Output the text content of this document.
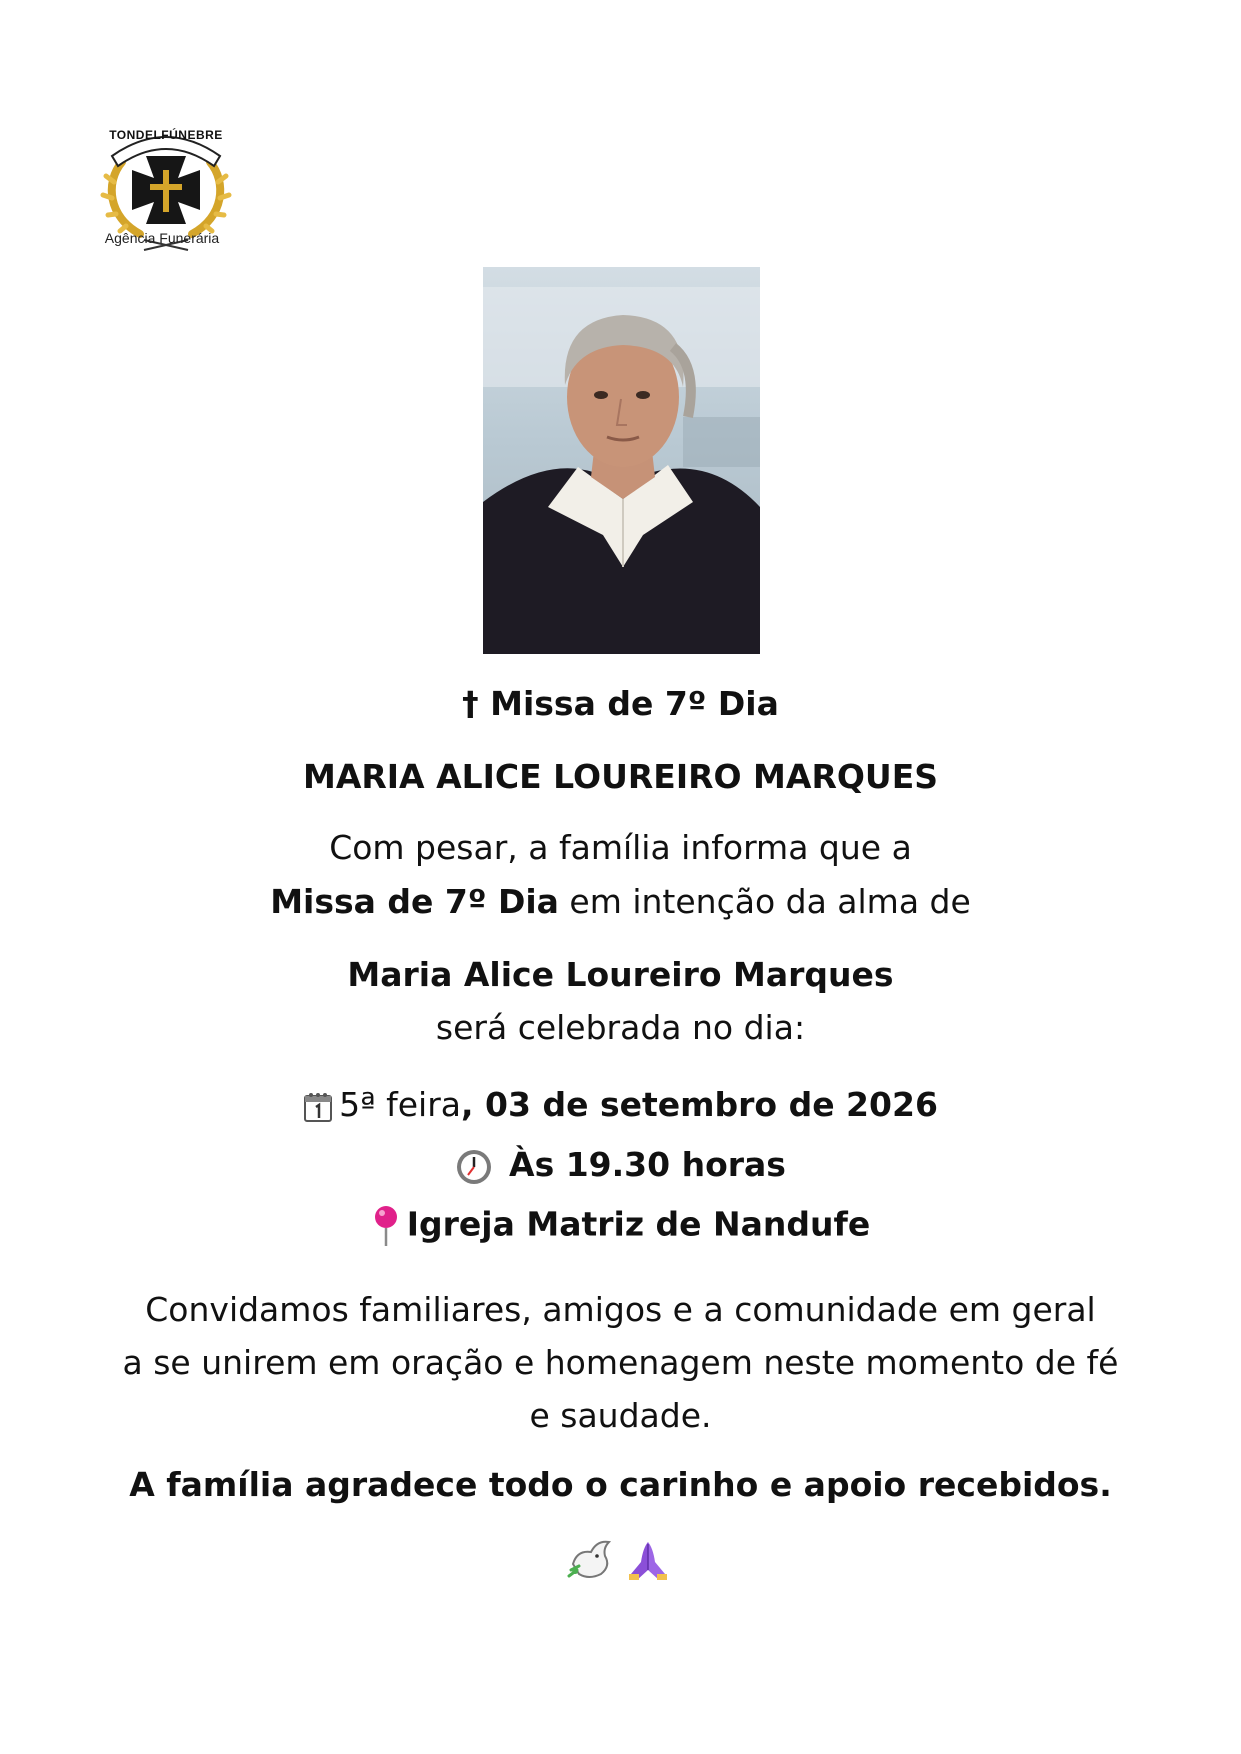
TONDELFÚNEBRE
Agência Funerária
† Missa de 7º Dia
MARIA ALICE LOUREIRO MARQUES
Com pesar, a família informa que a
Missa de 7º Dia em intenção da alma de
Maria Alice Loureiro Marques
será celebrada no dia:
5ª feira, 03 de setembro de 2026
Às 19.30 horas
Igreja Matriz de Nandufe
Convidamos familiares, amigos e a comunidade em geral
a se unirem em oração e homenagem neste momento de fé
e saudade.
A família agradece todo o carinho e apoio recebidos.
